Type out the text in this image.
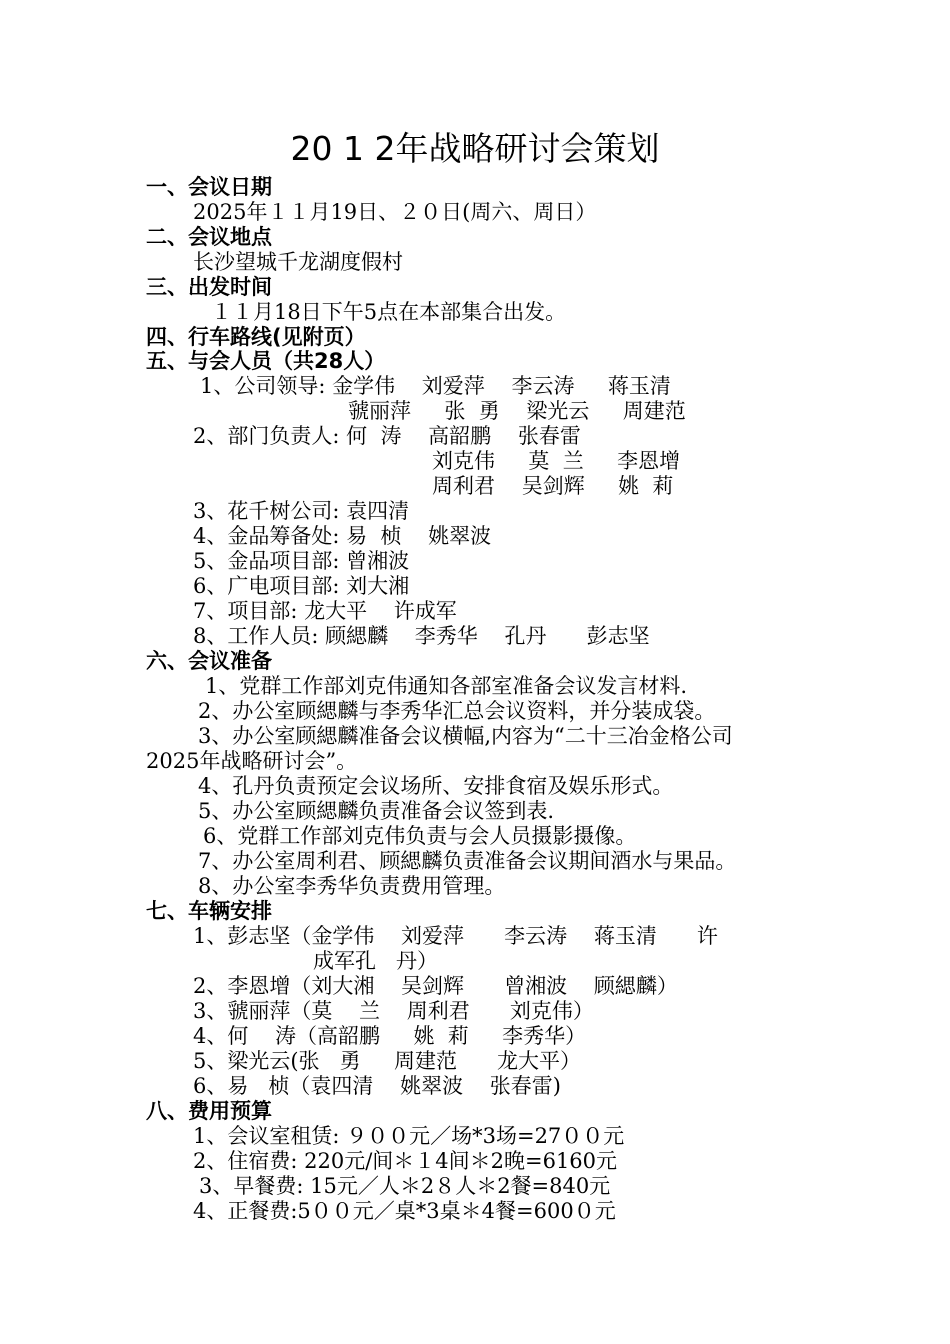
20 1 2年战略研讨会策划
一、会议日期
2025年１１月19日、２０日(周六、周日）
二、会议地点
长沙望城千龙湖度假村
三、出发时间
１１月18日下午5点在本部集合出发。
四、行车路线(见附页）
五、与会人员（共28人）
1、公司领导: 金学伟    刘爱萍    李云涛     蒋玉清
虢丽萍     张  勇    梁光云     周建范
2、部门负责人: 何  涛    高韶鹏    张春雷
刘克伟     莫  兰     李恩增
周利君    吴剑辉     姚  莉
3、花千树公司: 袁四清
4、金品筹备处: 易  桢    姚翠波
5、金品项目部: 曾湘波
6、广电项目部: 刘大湘
7、项目部: 龙大平    许成军
8、工作人员: 顾緦麟    李秀华    孔丹      彭志坚
六、会议准备
1、党群工作部刘克伟通知各部室准备会议发言材料.
2、办公室顾緦麟与李秀华汇总会议资料，并分装成袋。
3、办公室顾緦麟准备会议横幅,内容为“二十三冶金格公司
2025年战略研讨会”。
4、孔丹负责预定会议场所、安排食宿及娱乐形式。
5、办公室顾緦麟负责准备会议签到表.
6、党群工作部刘克伟负责与会人员摄影摄像。
7、办公室周利君、顾緦麟负责准备会议期间酒水与果品。
8、办公室李秀华负责费用管理。
七、车辆安排
1、彭志坚（金学伟    刘爱萍      李云涛    蒋玉清      许
成军孔   丹）
2、李恩增（刘大湘    吴剑辉      曾湘波    顾緦麟）
3、虢丽萍（莫    兰    周利君      刘克伟）
4、何    涛（高韶鹏     姚  莉     李秀华）
5、梁光云(张   勇     周建范      龙大平）
6、易   桢（袁四清    姚翠波    张春雷)
八、费用预算
1、会议室租赁: ９００元／场*3场=27００元
2、住宿费: 220元/间＊１4间＊2晚=6160元
3、早餐费: 15元／人＊2８人＊2餐=840元
4、正餐费:5００元／桌*3桌＊4餐=600０元
